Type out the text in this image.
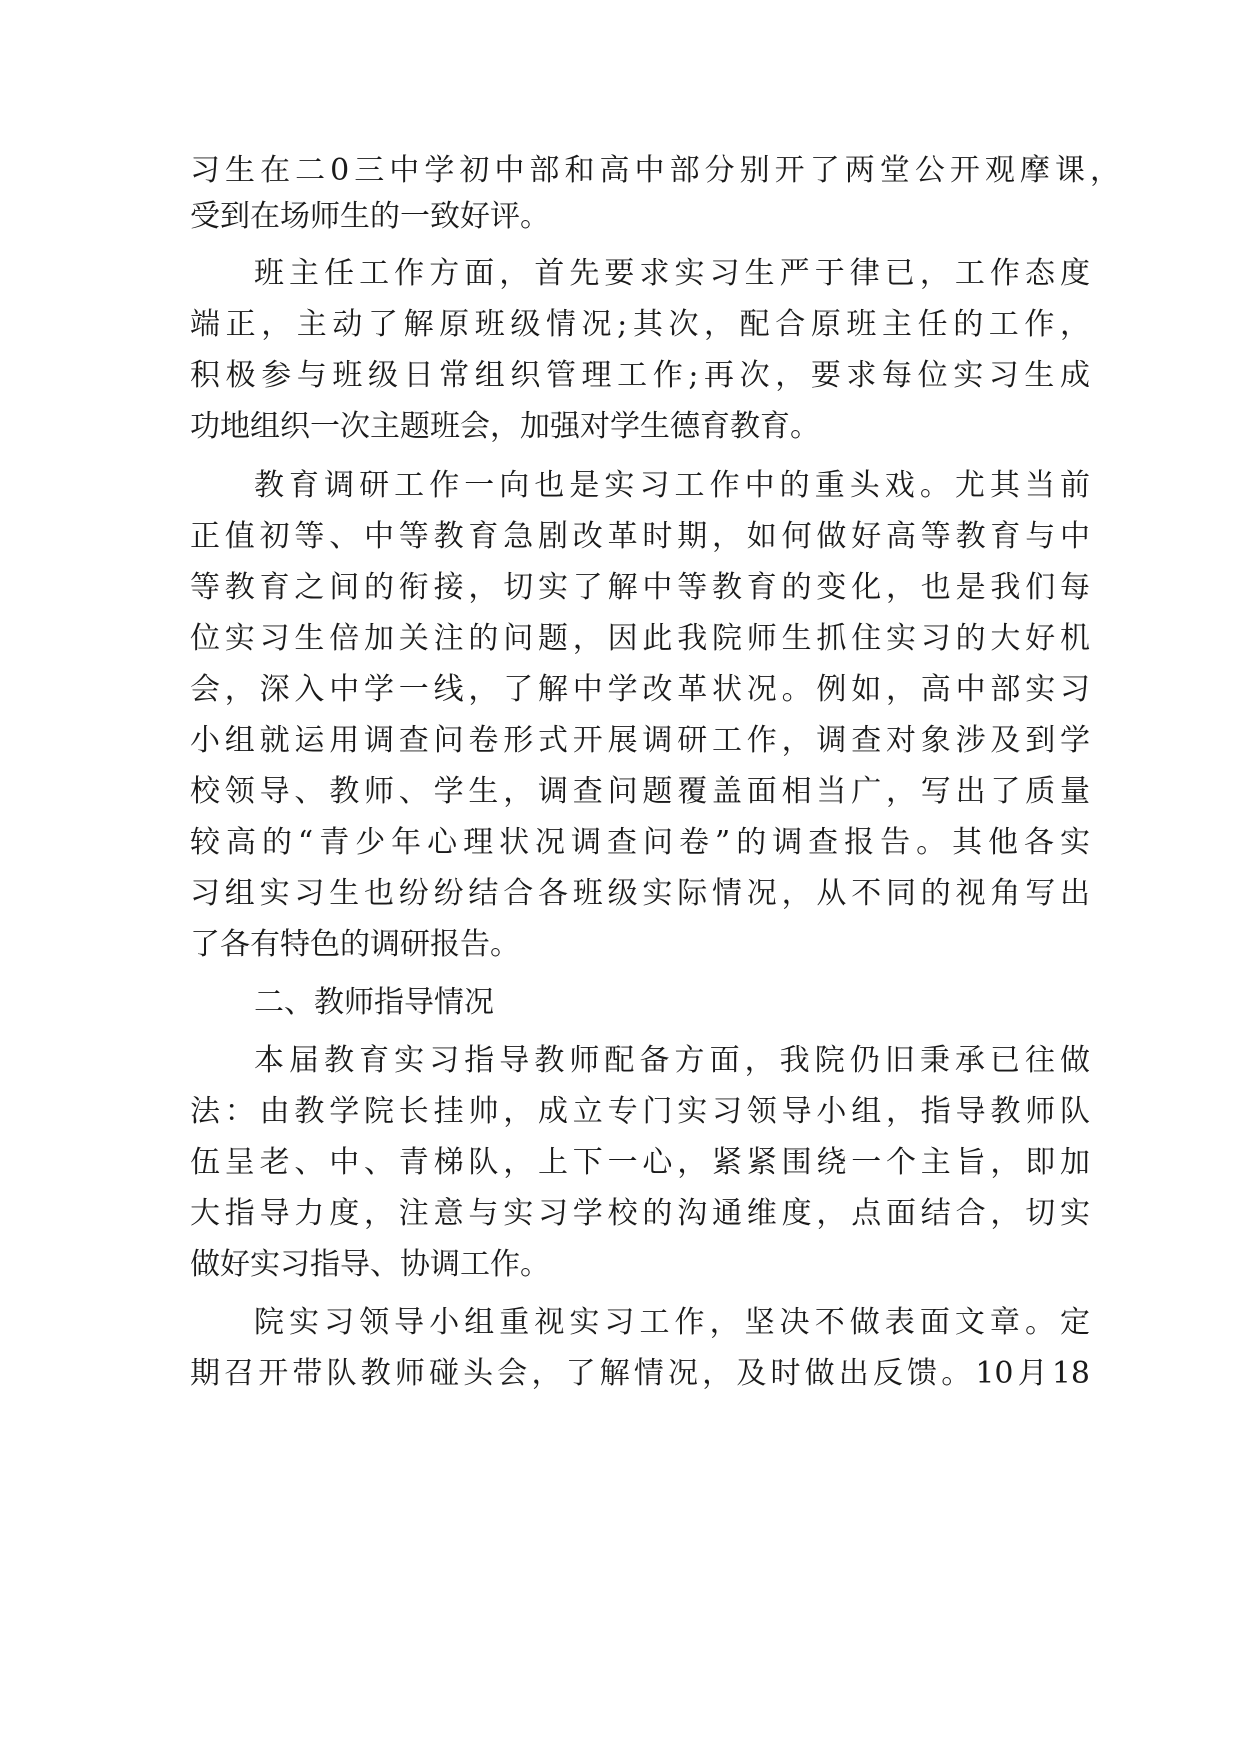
习生在二0三中学初中部和高中部分别开了两堂公开观摩课，
受到在场师生的一致好评。
班主任工作方面，首先要求实习生严于律已，工作态度
端正，主动了解原班级情况;其次，配合原班主任的工作，
积极参与班级日常组织管理工作;再次，要求每位实习生成
功地组织一次主题班会，加强对学生德育教育。
教育调研工作一向也是实习工作中的重头戏。尤其当前
正值初等、中等教育急剧改革时期，如何做好高等教育与中
等教育之间的衔接，切实了解中等教育的变化，也是我们每
位实习生倍加关注的问题，因此我院师生抓住实习的大好机
会，深入中学一线，了解中学改革状况。例如，高中部实习
小组就运用调查问卷形式开展调研工作，调查对象涉及到学
校领导、教师、学生，调查问题覆盖面相当广，写出了质量
较高的“青少年心理状况调查问卷”的调查报告。其他各实
习组实习生也纷纷结合各班级实际情况，从不同的视角写出
了各有特色的调研报告。
二、教师指导情况
本届教育实习指导教师配备方面，我院仍旧秉承已往做
法：由教学院长挂帅，成立专门实习领导小组，指导教师队
伍呈老、中、青梯队，上下一心，紧紧围绕一个主旨，即加
大指导力度，注意与实习学校的沟通维度，点面结合，切实
做好实习指导、协调工作。
院实习领导小组重视实习工作，坚决不做表面文章。定
期召开带队教师碰头会，了解情况，及时做出反馈。10月18
